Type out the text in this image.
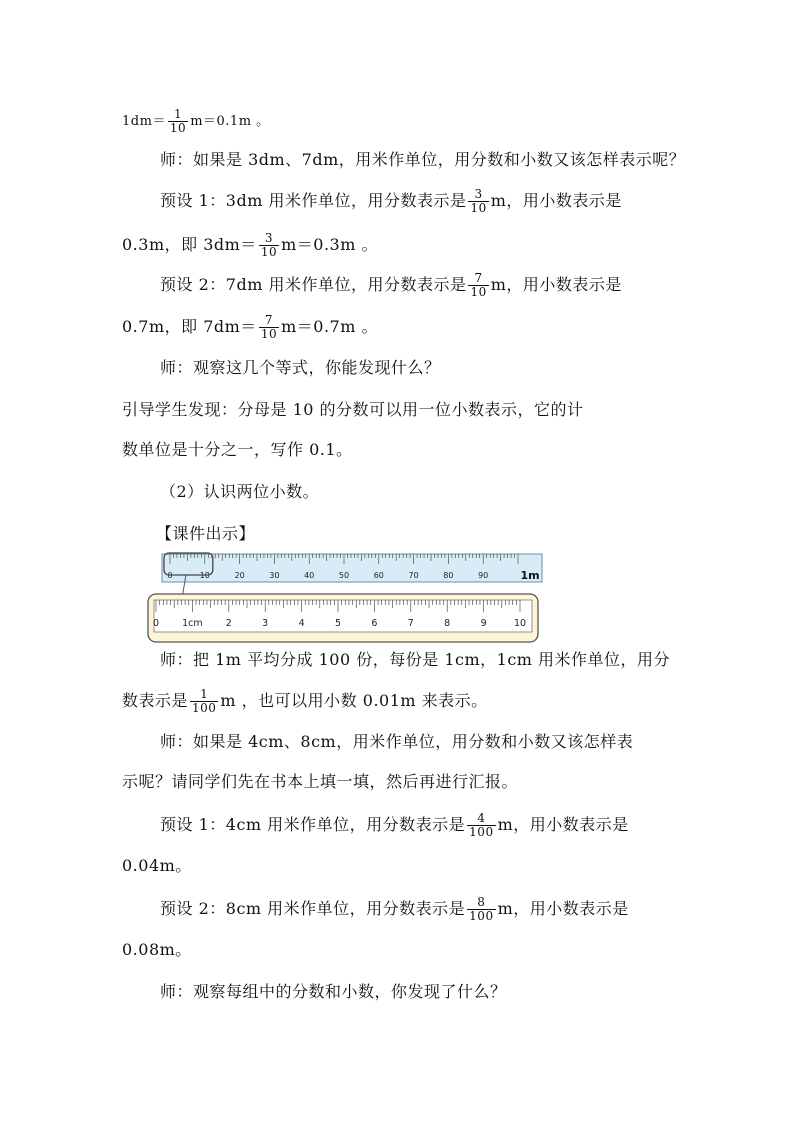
$1dm= \frac{1}{10} m=0.1m$ 。
师：如果是 3dm、7dm，用米作单位，用分数和小数又该怎样表示呢？
预设 1：3dm 用米作单位，用分数表示是 $\frac{3}{10}$ m，用小数表示是
0.3m，即 $3dm= \frac{3}{10} m=0.3m$ 。
预设 2：7dm 用米作单位，用分数表示是 $\frac{7}{10}$ m，用小数表示是
0.7m，即 $7dm= \frac{7}{10} m=0.7m$ 。
师：观察这几个等式，你能发现什么？
引导学生发现：分母是 10 的分数可以用一位小数表示，它的计
数单位是十分之一，写作 0.1。
（2）认识两位小数。
【课件出示】
0	10	20	30	40	50	60	70	80	90	1m
0 1cm 2	3	4	5	6	7	8	9	10
师：把 1m 平均分成 100 份，每份是 1cm，1cm 用米作单位，用分
数表示是 $\frac{1}{100}$ m ，也可以用小数 0.01m 来表示。
师：如果是 4cm、8cm，用米作单位，用分数和小数又该怎样表
示呢？请同学们先在书本上填一填，然后再进行汇报。
预设 1：4cm 用米作单位，用分数表示是 $\frac{4}{100}$ m，用小数表示是
0.04m。
预设 2：8cm 用米作单位，用分数表示是 $\frac{8}{100}$ m，用小数表示是
0.08m。
师：观察每组中的分数和小数，你发现了什么？
